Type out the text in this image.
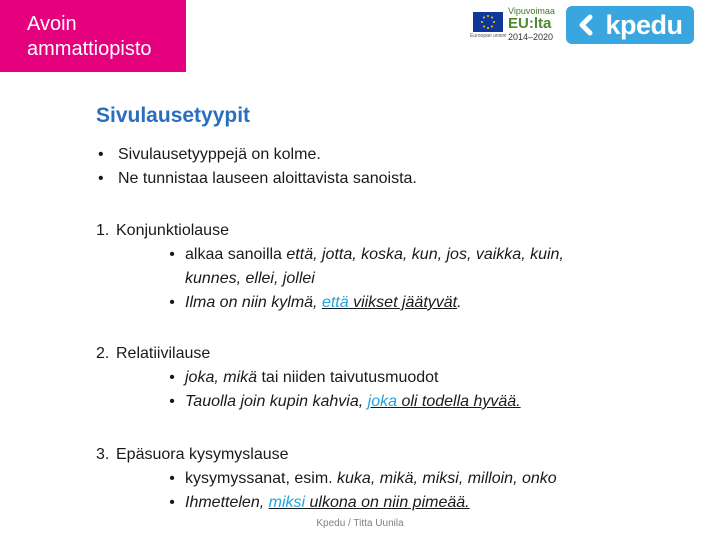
Avoin
ammattiopisto
Vipuvoimaa
EU:lta
2014–2020
Euroopan unioni	kpedu
Sivulausetyypit
• Sivulausetyyppejä on kolme.
• Ne tunnistaa lauseen aloittavista sanoista.
1. Konjunktiolause
• alkaa sanoilla että, jotta, koska, kun, jos, vaikka, kuin,
kunnes, ellei, jollei
• Ilma on niin kylmä, että viikset jäätyvät.
2. Relatiivilause
• joka, mikä tai niiden taivutusmuodot
• Tauolla join kupin kahvia, joka oli todella hyvää.
3. Epäsuora kysymyslause
• kysymyssanat, esim. kuka, mikä, miksi, milloin, onko
• Ihmettelen, miksi ulkona on niin pimeää.
Kpedu / Titta Uunila
